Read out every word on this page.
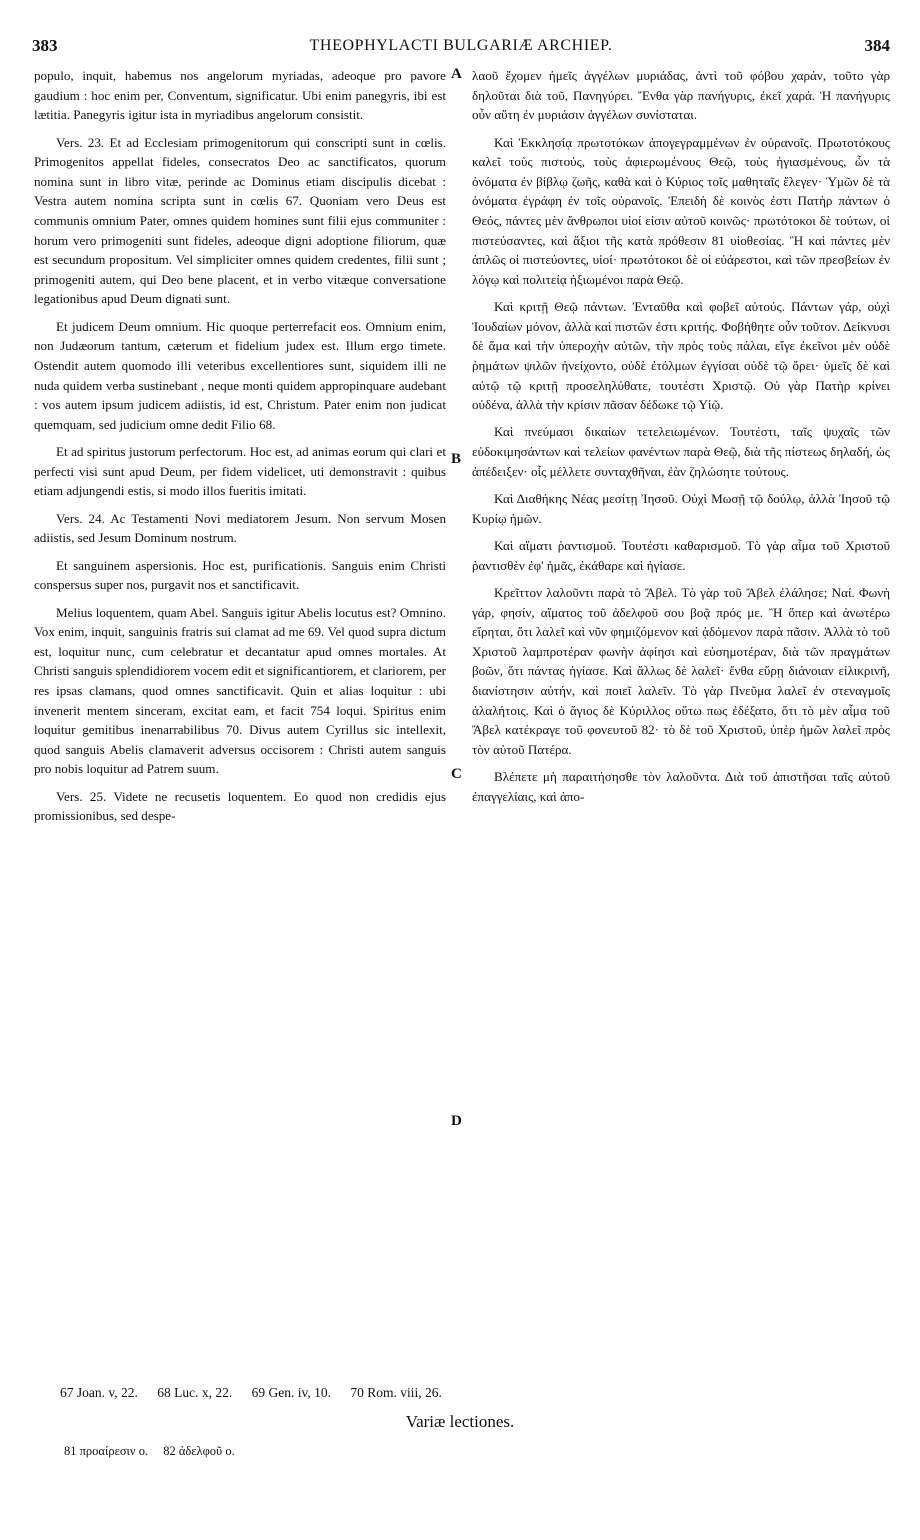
383	THEOPHYLACTI BULGARIÆ ARCHIEP.	384

populo, inquit, habemus nos angelorum myriadas, adeoque pro pavore gaudium : hoc enim per, Conventum, significatur. Ubi enim panegyris, ibi est lætitia. Panegyris igitur ista in myriadibus angelorum consistit.

Vers. 23. Et ad Ecclesiam primogenitorum qui conscripti sunt in cœlis. Primogenitos appellat fideles, consecratos Deo ac sanctificatos, quorum nomina sunt in libro vitæ, perinde ac Dominus etiam discipulis dicebat : Vestra autem nomina scripta sunt in cœlis 67. Quoniam vero Deus est communis omnium Pater, omnes quidem homines sunt filii ejus communiter : horum vero primogeniti sunt fideles, adeoque digni adoptione filiorum, quæ est secundum propositum. Vel simpliciter omnes quidem credentes, filii sunt ; primogeniti autem, qui Deo bene placent, et in verbo vitæque conversatione legationibus apud Deum dignati sunt.

Et judicem Deum omnium. Hic quoque perterrefacit eos. Omnium enim, non Judæorum tantum, cæterum et fidelium judex est. Illum ergo timete. Ostendit autem quomodo illi veteribus excellentiores sunt, siquidem illi ne nuda quidem verba sustinebant , neque monti quidem appropinquare audebant : vos autem ipsum judicem adiistis, id est, Christum. Pater enim non judicat quemquam, sed judicium omne dedit Filio 68.

Et ad spiritus justorum perfectorum. Hoc est, ad animas eorum qui clari et perfecti visi sunt apud Deum, per fidem videlicet, uti demonstravit : quibus etiam adjungendi estis, si modo illos fueritis imitati.

Vers. 24. Ac Testamenti Novi mediatorem Jesum. Non servum Mosen adiistis, sed Jesum Dominum nostrum.

Et sanguinem aspersionis. Hoc est, purificationis. Sanguis enim Christi conspersus super nos, purgavit nos et sanctificavit.

Melius loquentem, quam Abel. Sanguis igitur Abelis locutus est? Omnino. Vox enim, inquit, sanguinis fratris sui clamat ad me 69. Vel quod supra dictum est, loquitur nunc, cum celebratur et decantatur apud omnes mortales. At Christi sanguis splendidiorem vocem edit et significantiorem, et clariorem, per res ipsas clamans, quod omnes sanctificavit. Quin et alias loquitur : ubi invenerit mentem sinceram, excitat eam, et facit 754 loqui. Spiritus enim loquitur gemitibus inenarrabilibus 70. Divus autem Cyrillus sic intellexit, quod sanguis Abelis clamaverit adversus occisorem : Christi autem sanguis pro nobis loquitur ad Patrem suum.

Vers. 25. Videte ne recusetis loquentem. Eo quod non credidis ejus promissionibus, sed despe-

A
B
C
D

λαοῦ ἔχομεν ἡμεῖς ἀγγέλων μυριάδας, ἀντὶ τοῦ φόβου χαράν, τοῦτο γὰρ δηλοῦται διὰ τοῦ, Πανηγύρει. Ἔνθα γὰρ πανήγυρις, ἐκεῖ χαρά. Ἡ πανήγυρις οὖν αὕτη ἐν μυριάσιν ἀγγέλων συνίσταται.

Καὶ Ἐκκλησίᾳ πρωτοτόκων ἀπογεγραμμένων ἐν οὐρανοῖς. Πρωτοτόκους καλεῖ τοὺς πιστούς, τοὺς ἀφιερωμένους Θεῷ, τοὺς ἡγιασμένους, ὧν τὰ ὀνόματα ἐν βίβλῳ ζωῆς, καθὰ καὶ ὁ Κύριος τοῖς μαθηταῖς ἔλεγεν· Ὑμῶν δὲ τὰ ὀνόματα ἐγράφη ἐν τοῖς οὐρανοῖς. Ἐπειδὴ δὲ κοινὸς ἐστι Πατὴρ πάντων ὁ Θεός, πάντες μὲν ἄνθρωποι υἱοί εἰσιν αὐτοῦ κοινῶς· πρωτότοκοι δὲ τούτων, οἱ πιστεύσαντες, καὶ ἄξιοι τῆς κατὰ πρόθεσιν 81 υἱοθεσίας. Ἢ καὶ πάντες μὲν ἁπλῶς οἱ πιστεύοντες, υἱοί· πρωτότοκοι δὲ οἱ εὐάρεστοι, καὶ τῶν πρεσβείων ἐν λόγῳ καὶ πολιτείᾳ ἠξιωμένοι παρὰ Θεῷ.

Καὶ κριτῇ Θεῷ πάντων. Ἐνταῦθα καὶ φοβεῖ αὐτούς. Πάντων γάρ, οὐχὶ Ἰουδαίων μόνον, ἀλλὰ καὶ πιστῶν ἐστι κριτής. Φοβήθητε οὖν τοῦτον. Δείκνυσι δὲ ἅμα καὶ τὴν ὑπεροχὴν αὐτῶν, τὴν πρὸς τοὺς πάλαι, εἴγε ἐκεῖνοι μὲν οὐδὲ ῥημάτων ψιλῶν ἠνείχοντο, οὐδὲ ἐτόλμων ἐγγίσαι οὐδὲ τῷ ὄρει· ὑμεῖς δὲ καὶ αὐτῷ τῷ κριτῇ προσεληλύθατε, τουτέστι Χριστῷ. Οὐ γὰρ Πατὴρ κρίνει οὐδένα, ἀλλὰ τὴν κρίσιν πᾶσαν δέδωκε τῷ Υἱῷ.

Καὶ πνεύμασι δικαίων τετελειωμένων. Τουτέστι, ταῖς ψυχαῖς τῶν εὐδοκιμησάντων καὶ τελείων φανέντων παρὰ Θεῷ, διὰ τῆς πίστεως δηλαδή, ὡς ἀπέδειξεν· οἷς μέλλετε συνταχθῆναι, ἐὰν ζηλώσητε τούτους.

Καὶ Διαθήκης Νέας μεσίτῃ Ἰησοῦ. Οὐχὶ Μωσῇ τῷ δούλῳ, ἀλλὰ Ἰησοῦ τῷ Κυρίῳ ἡμῶν.

Καὶ αἵματι ῥαντισμοῦ. Τουτέστι καθαρισμοῦ. Τὸ γὰρ αἷμα τοῦ Χριστοῦ ῥαντισθὲν ἐφ' ἡμᾶς, ἐκάθαρε καὶ ἡγίασε.

Κρεῖττον λαλοῦντι παρὰ τὸ Ἄβελ. Τὸ γὰρ τοῦ Ἄβελ ἐλάλησε; Ναί. Φωνὴ γάρ, φησίν, αἵματος τοῦ ἀδελφοῦ σου βοᾷ πρός με. Ἢ ὅπερ καὶ ἀνωτέρω εἴρηται, ὅτι λαλεῖ καὶ νῦν φημιζόμενον καὶ ᾀδόμενον παρὰ πᾶσιν. Ἀλλὰ τὸ τοῦ Χριστοῦ λαμπροτέραν φωνὴν ἀφίησι καὶ εὐσημοτέραν, διὰ τῶν πραγμάτων βοῶν, ὅτι πάντας ἡγίασε. Καὶ ἄλλως δὲ λαλεῖ· ἔνθα εὕρῃ διάνοιαν εἰλικρινῆ, διανίστησιν αὐτήν, καὶ ποιεῖ λαλεῖν. Τὸ γὰρ Πνεῦμα λαλεῖ ἐν στεναγμοῖς ἀλαλήτοις. Καὶ ὁ ἅγιος δὲ Κύριλλος οὕτω πως ἐδέξατο, ὅτι τὸ μὲν αἷμα τοῦ Ἄβελ κατέκραγε τοῦ φονευτοῦ 82· τὸ δὲ τοῦ Χριστοῦ, ὑπὲρ ἡμῶν λαλεῖ πρὸς τὸν αὐτοῦ Πατέρα.

Βλέπετε μὴ παραιτήσησθε τὸν λαλοῦντα. Διὰ τοῦ ἀπιστῆσαι ταῖς αὐτοῦ ἐπαγγελίαις, καὶ ἀπο-

67 Joan. v, 22. 68 Luc. x, 22. 69 Gen. iv, 10. 70 Rom. viii, 26.
Variæ lectiones.
81 προαίρεσιν ο. 82 ἀδελφοῦ ο.
